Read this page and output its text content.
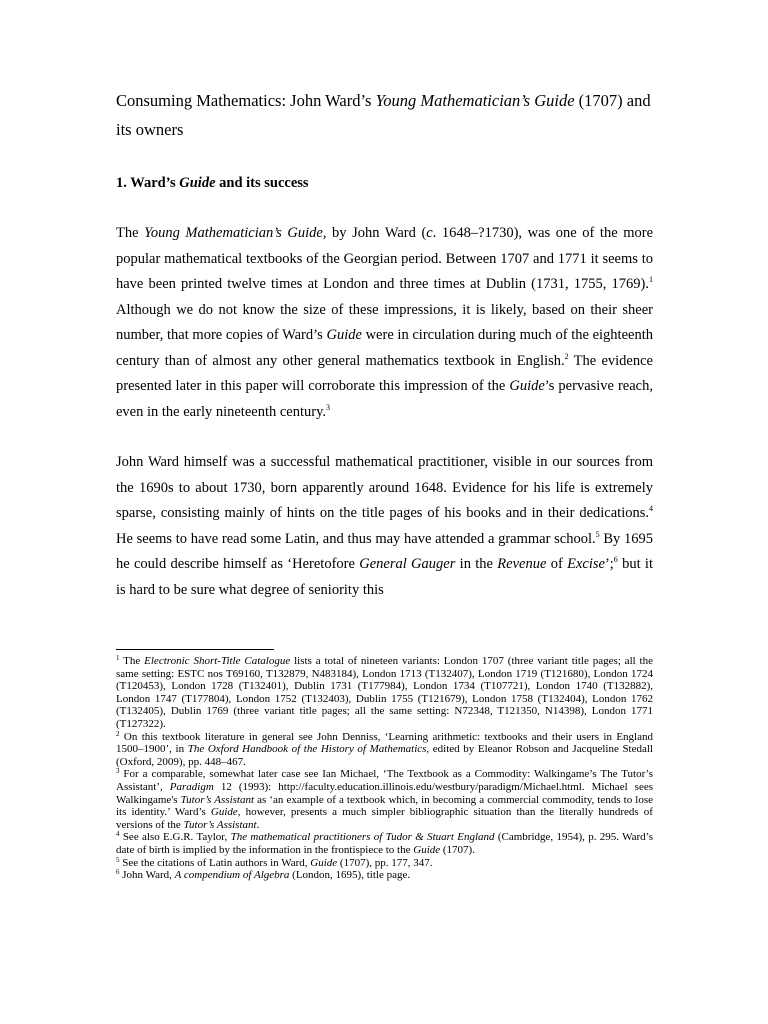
Consuming Mathematics: John Ward’s Young Mathematician’s Guide (1707) and its owners
1. Ward’s Guide and its success

The Young Mathematician’s Guide, by John Ward (c. 1648–?1730), was one of the more popular mathematical textbooks of the Georgian period. Between 1707 and 1771 it seems to have been printed twelve times at London and three times at Dublin (1731, 1755, 1769).$^1$ Although we do not know the size of these impressions, it is likely, based on their sheer number, that more copies of Ward’s Guide were in circulation during much of the eighteenth century than of almost any other general mathematics textbook in English.$^2$ The evidence presented later in this paper will corroborate this impression of the Guide’s pervasive reach, even in the early nineteenth century.$^3$

John Ward himself was a successful mathematical practitioner, visible in our sources from the 1690s to about 1730, born apparently around 1648. Evidence for his life is extremely sparse, consisting mainly of hints on the title pages of his books and in their dedications.$^4$ He seems to have read some Latin, and thus may have attended a grammar school.$^5$ By 1695 he could describe himself as ‘Heretofore General Gauger in the Revenue of Excise’;$^6$ but it is hard to be sure what degree of seniority this

$^1$ The Electronic Short-Title Catalogue lists a total of nineteen variants: London 1707 (three variant title pages; all the same setting: ESTC nos T69160, T132879, N483184), London 1713 (T132407), London 1719 (T121680), London 1724 (T120453), London 1728 (T132401), Dublin 1731 (T177984), London 1734 (T107721), London 1740 (T132882), London 1747 (T177804), London 1752 (T132403), Dublin 1755 (T121679), London 1758 (T132404), London 1762 (T132405), Dublin 1769 (three variant title pages; all the same setting: N72348, T121350, N14398), London 1771 (T127322).

$^2$ On this textbook literature in general see John Denniss, ‘Learning arithmetic: textbooks and their users in England 1500–1900’, in The Oxford Handbook of the History of Mathematics, edited by Eleanor Robson and Jacqueline Stedall (Oxford, 2009), pp. 448–467.

$^3$ For a comparable, somewhat later case see Ian Michael, ‘The Textbook as a Commodity: Walkingame’s The Tutor’s Assistant’, Paradigm 12 (1993): http://faculty.education.illinois.edu/westbury/paradigm/Michael.html. Michael sees Walkingame's Tutor’s Assistant as ‘an example of a textbook which, in becoming a commercial commodity, tends to lose its identity.’ Ward’s Guide, however, presents a much simpler bibliographic situation than the literally hundreds of versions of the Tutor’s Assistant.

$^4$ See also E.G.R. Taylor, The mathematical practitioners of Tudor & Stuart England (Cambridge, 1954), p. 295. Ward’s date of birth is implied by the information in the frontispiece to the Guide (1707).

$^5$ See the citations of Latin authors in Ward, Guide (1707), pp. 177, 347.

$^6$ John Ward, A compendium of Algebra (London, 1695), title page.
